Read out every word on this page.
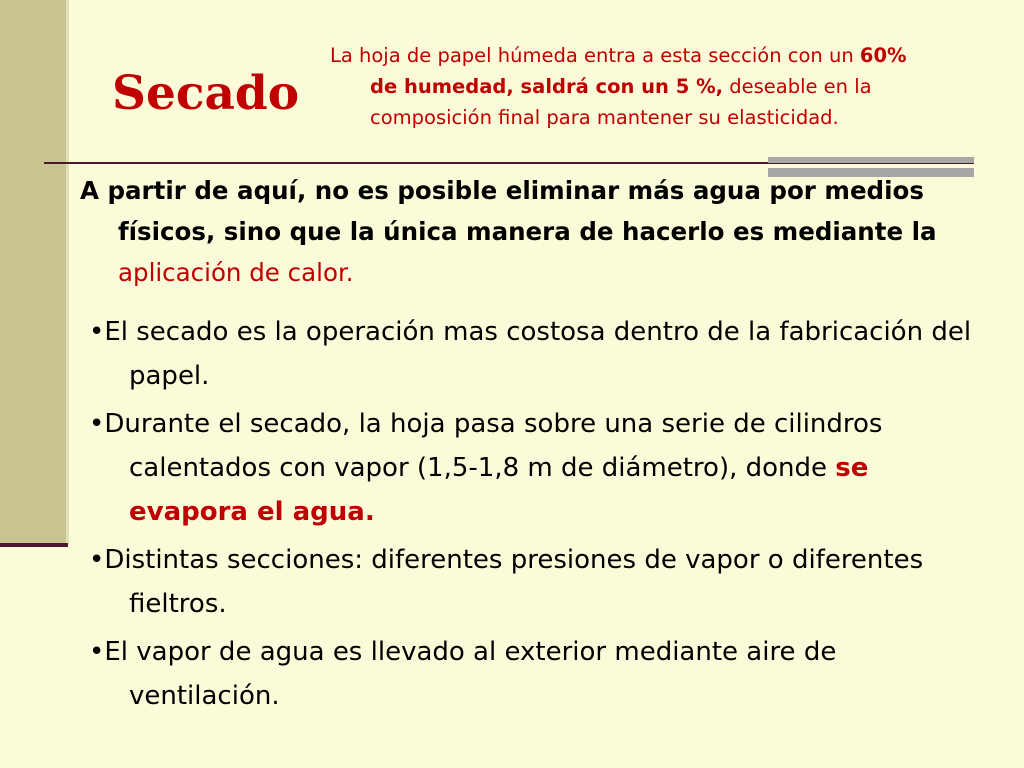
Secado

La hoja de papel húmeda entra a esta sección con un 60%
de humedad, saldrá con un 5 %, deseable en la
composición final para mantener su elasticidad.

A partir de aquí, no es posible eliminar más agua por medios físicos, sino que la única manera de hacerlo es mediante la aplicación de calor.

•El secado es la operación mas costosa dentro de la fabricación del papel.
•Durante el secado, la hoja pasa sobre una serie de cilindros calentados con vapor (1,5-1,8 m de diámetro), donde se evapora el agua.
•Distintas secciones: diferentes presiones de vapor o diferentes fieltros.
•El vapor de agua es llevado al exterior mediante aire de ventilación.
